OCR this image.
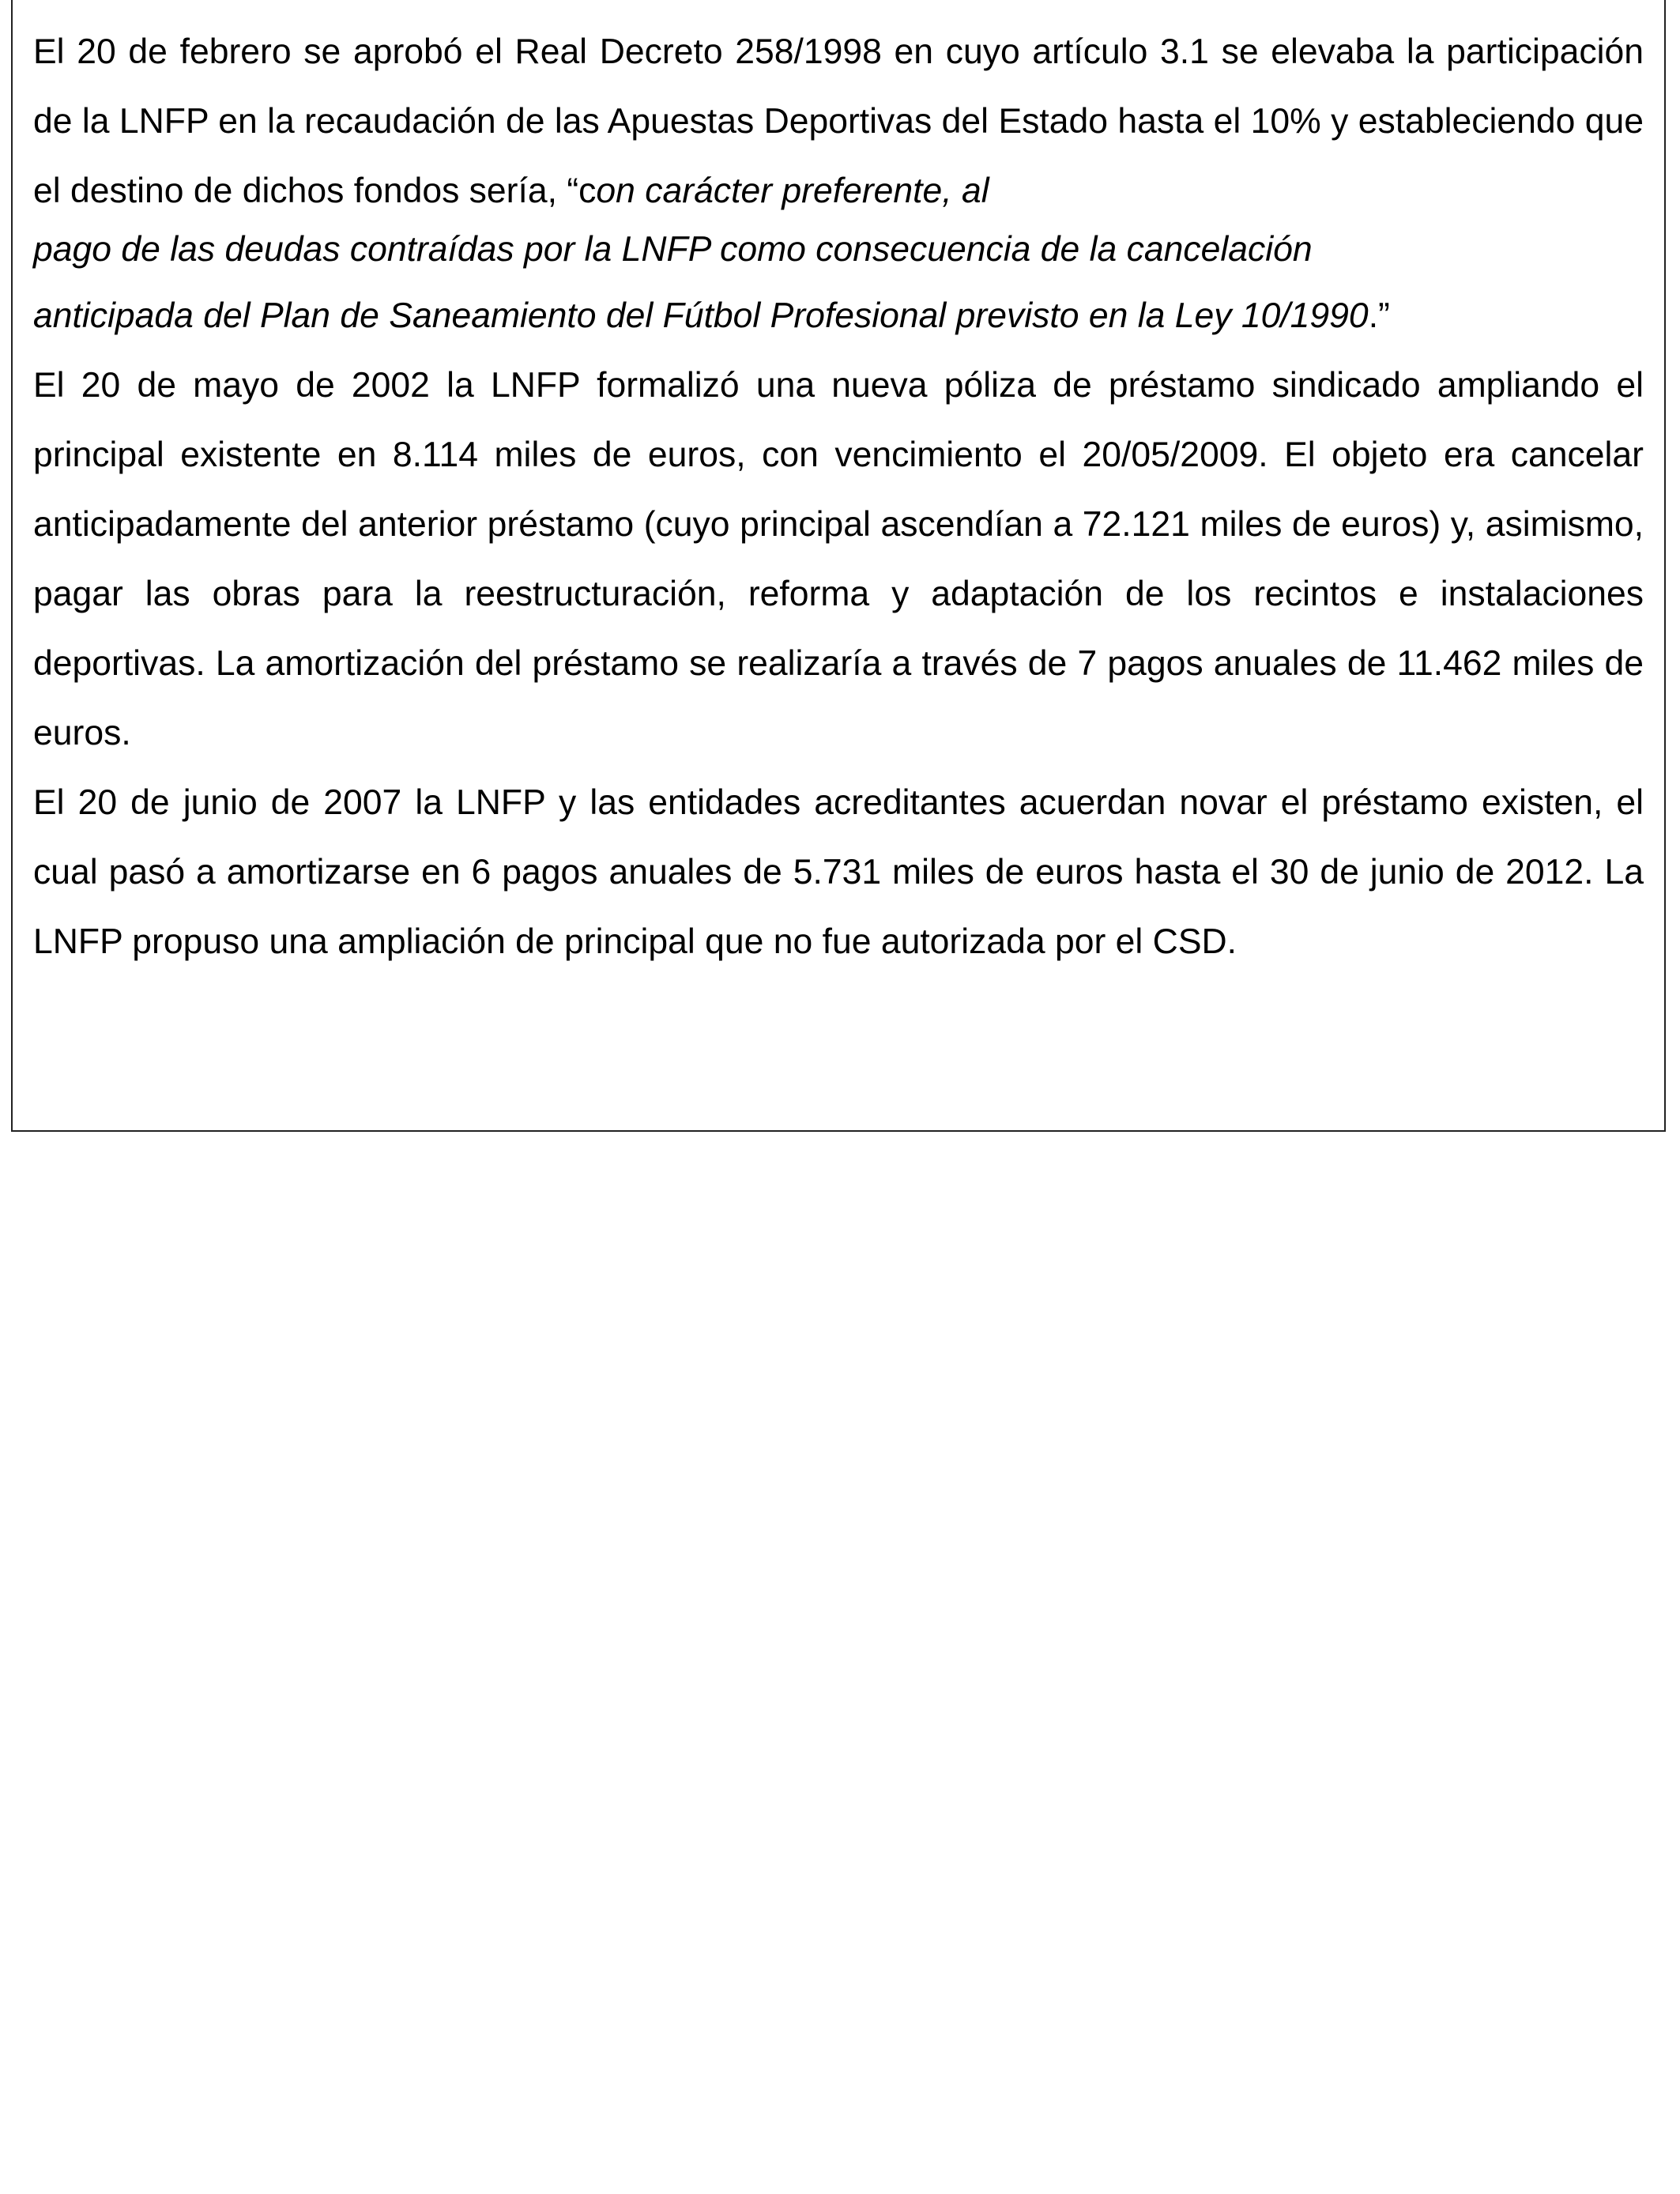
El 20 de febrero se aprobó el Real Decreto 258/1998 en cuyo artículo 3.1 se elevaba la participación de la LNFP en la recaudación de las Apuestas Deportivas del Estado hasta el 10% y estableciendo que el destino de dichos fondos sería, “con carácter preferente, al
pago de las deudas contraídas por la LNFP como consecuencia de la cancelación
anticipada del Plan de Saneamiento del Fútbol Profesional previsto en la Ley 10/1990.”

El 20 de mayo de 2002 la LNFP formalizó una nueva póliza de préstamo sindicado ampliando el principal existente en 8.114 miles de euros, con vencimiento el 20/05/2009. El objeto era cancelar anticipadamente del anterior préstamo (cuyo principal ascendían a 72.121 miles de euros) y, asimismo, pagar las obras para la reestructuración, reforma y adaptación de los recintos e instalaciones deportivas. La amortización del préstamo se realizaría a través de 7 pagos anuales de 11.462 miles de euros.

El 20 de junio de 2007 la LNFP y las entidades acreditantes acuerdan novar el préstamo existen, el cual pasó a amortizarse en 6 pagos anuales de 5.731 miles de euros hasta el 30 de junio de 2012. La LNFP propuso una ampliación de principal que no fue autorizada por el CSD.
